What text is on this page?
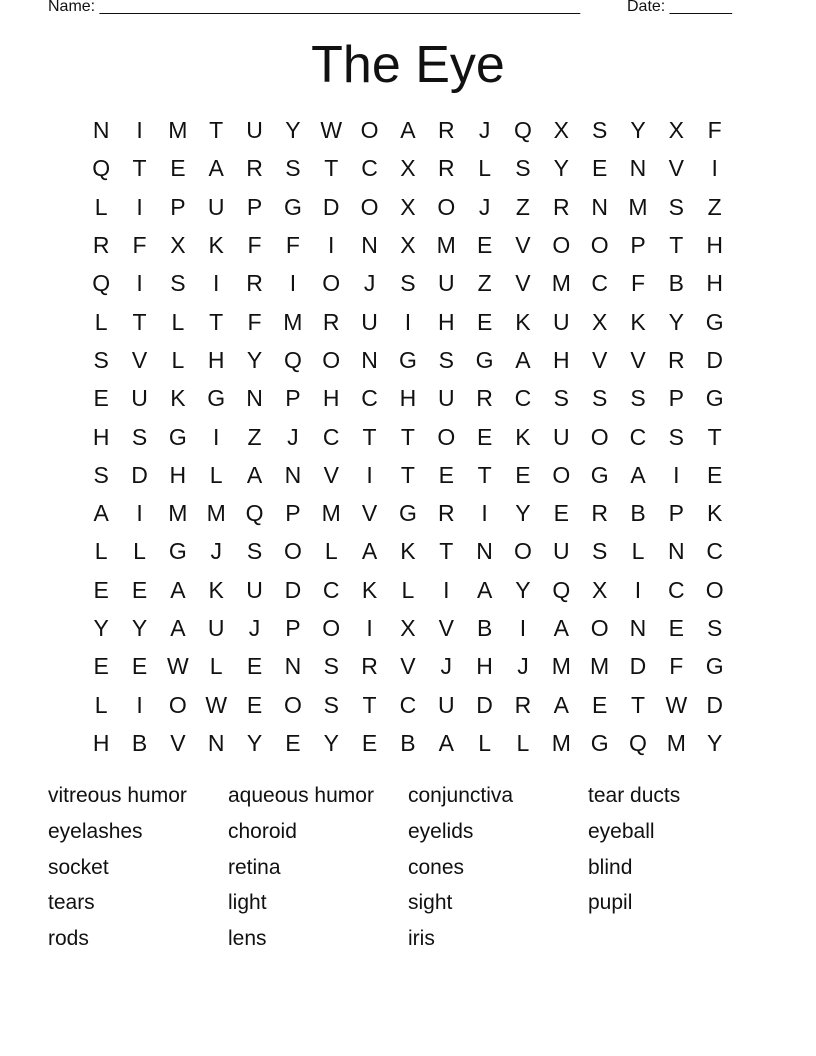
Name: ______________________________________________________	Date: _______
The Eye
N	I	M T	U Y W O A R	J	Q X	S	Y	X	F
Q T	E	A R S	T	C X R	L	S	Y	E N V	I
L	I	P U P G D O X O	J	Z	R N M S	Z
R	F	X	K	F	F	I	N X M E	V O O P	T	H
Q	I	S	I	R	I	O	J	S U	Z	V M C	F	B H
L	T	L	T	F M R U	I	H E	K U X	K	Y G
S	V	L	H Y Q O N G S G A H V	V R D
E U K G N P H C H U R C S	S	S	P G
H S G	I	Z	J	C	T	T O E	K U O C S	T
S D H	L	A N V	I	T	E	T	E O G A	I	E
A	I	M M Q P M V G R	I	Y	E R B	P	K
L	L	G	J	S O	L	A	K	T	N O U S	L	N C
E	E	A	K U D C K	L	I	A	Y Q X	I	C O
Y	Y	A U	J	P O	I	X	V	B	I	A O N E	S
E	E W L	E N S R V	J	H	J	M M D	F G
L	I	O W E O S	T	C U D R A	E	T W D
H B	V N Y	E	Y	E	B	A	L	L M G Q M Y
vitreous humor	aqueous humor	conjunctiva	tear ducts
eyelashes	choroid	eyelids	eyeball
socket	retina	cones	blind
tears	light	sight	pupil
rods	lens	iris
